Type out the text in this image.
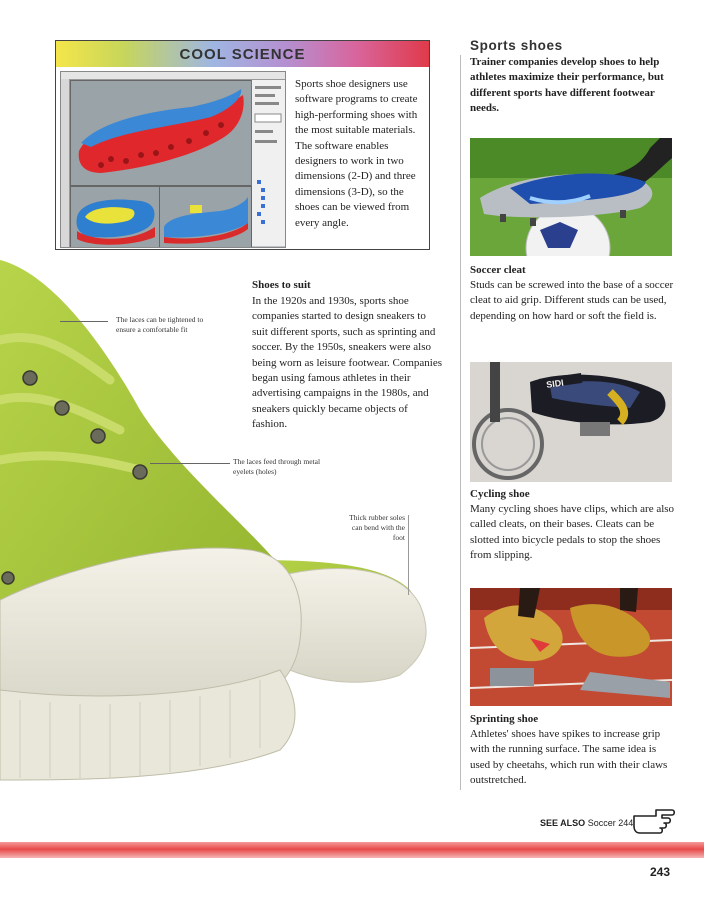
COOL SCIENCE
Sports shoe designers use software programs to create high-performing shoes with the most suitable materials. The software enables designers to work in two dimensions (2-D) and three dimensions (3-D), so the shoes can be viewed from every angle.
The laces can be tightened to ensure a comfortable fit
The laces feed through metal eyelets (holes)
Thick rubber soles can bend with the foot
Shoes to suit
In the 1920s and 1930s, sports shoe companies started to design sneakers to suit different sports, such as sprinting and soccer. By the 1950s, sneakers were also being worn as leisure footwear. Companies began using famous athletes in their advertising campaigns in the 1980s, and sneakers quickly became objects of fashion.
Sports shoes
Trainer companies develop shoes to help athletes maximize their performance, but different sports have different footwear needs.
Soccer cleat
Studs can be screwed into the base of a soccer cleat to aid grip. Different studs can be used, depending on how hard or soft the field is.
SIDI
Cycling shoe
Many cycling shoes have clips, which are also called cleats, on their bases. Cleats can be slotted into bicycle pedals to stop the shoes from slipping.
Sprinting shoe
Athletes' shoes have spikes to increase grip with the running surface. The same idea is used by cheetahs, which run with their claws outstretched.
SEE ALSO Soccer 244
243
